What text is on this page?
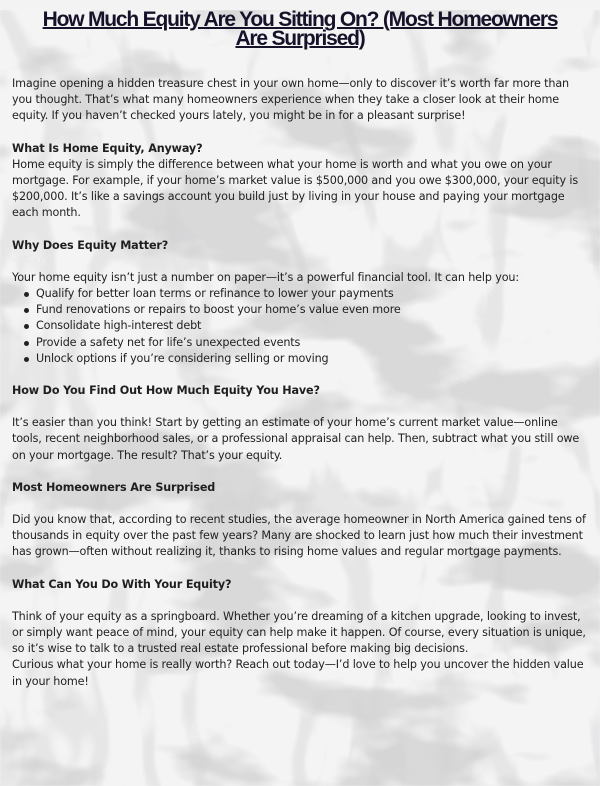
How Much Equity Are You Sitting On? (Most Homeowners
Are Surprised)

Imagine opening a hidden treasure chest in your own home—only to discover it’s worth far more than you thought. That’s what many homeowners experience when they take a closer look at their home equity. If you haven’t checked yours lately, you might be in for a pleasant surprise!

What Is Home Equity, Anyway?

Home equity is simply the difference between what your home is worth and what you owe on your mortgage. For example, if your home’s market value is $500,000 and you owe $300,000, your equity is $200,000. It’s like a savings account you build just by living in your house and paying your mortgage each month.

Why Does Equity Matter?

Your home equity isn’t just a number on paper—it’s a powerful financial tool. It can help you:

Qualify for better loan terms or refinance to lower your payments
Fund renovations or repairs to boost your home’s value even more
Consolidate high-interest debt
Provide a safety net for life’s unexpected events
Unlock options if you’re considering selling or moving

How Do You Find Out How Much Equity You Have?

It’s easier than you think! Start by getting an estimate of your home’s current market value—online tools, recent neighborhood sales, or a professional appraisal can help. Then, subtract what you still owe on your mortgage. The result? That’s your equity.

Most Homeowners Are Surprised

Did you know that, according to recent studies, the average homeowner in North America gained tens of thousands in equity over the past few years? Many are shocked to learn just how much their investment has grown—often without realizing it, thanks to rising home values and regular mortgage payments.

What Can You Do With Your Equity?

Think of your equity as a springboard. Whether you’re dreaming of a kitchen upgrade, looking to invest, or simply want peace of mind, your equity can help make it happen. Of course, every situation is unique, so it’s wise to talk to a trusted real estate professional before making big decisions.

Curious what your home is really worth? Reach out today—I’d love to help you uncover the hidden value in your home!
